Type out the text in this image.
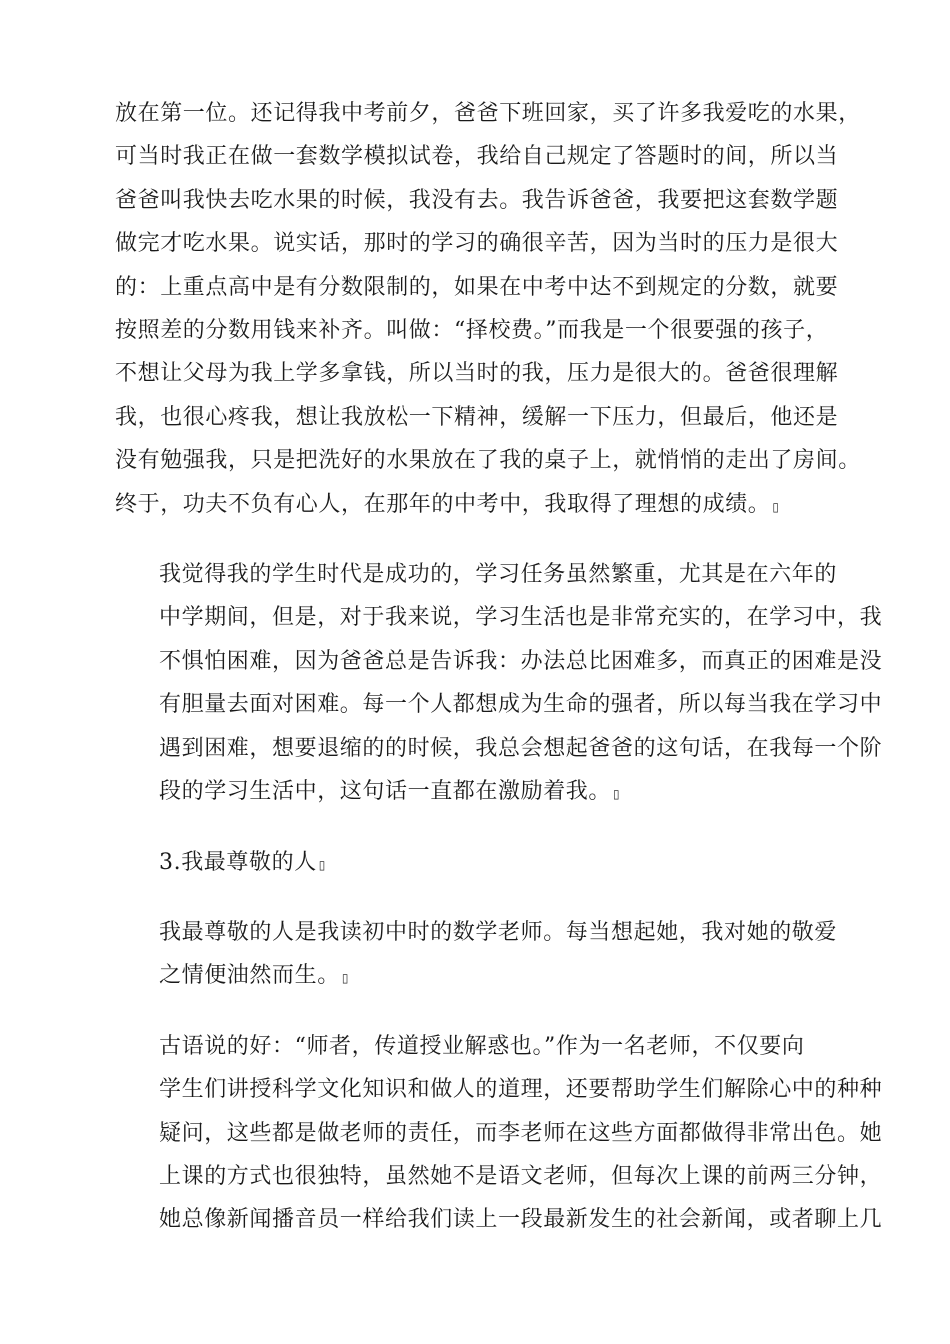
放在第一位。还记得我中考前夕，爸爸下班回家，买了许多我爱吃的水果，
可当时我正在做一套数学模拟试卷，我给自己规定了答题时的间，所以当
爸爸叫我快去吃水果的时候，我没有去。我告诉爸爸，我要把这套数学题
做完才吃水果。说实话，那时的学习的确很辛苦，因为当时的压力是很大
的：上重点高中是有分数限制的，如果在中考中达不到规定的分数，就要
按照差的分数用钱来补齐。叫做：“择校费。”而我是一个很要强的孩子，
不想让父母为我上学多拿钱，所以当时的我，压力是很大的。爸爸很理解
我，也很心疼我，想让我放松一下精神，缓解一下压力，但最后，他还是
没有勉强我，只是把洗好的水果放在了我的桌子上，就悄悄的走出了房间。
终于，功夫不负有心人，在那年的中考中，我取得了理想的成绩。 ▯
我觉得我的学生时代是成功的，学习任务虽然繁重，尤其是在六年的
中学期间，但是，对于我来说，学习生活也是非常充实的，在学习中，我
不惧怕困难，因为爸爸总是告诉我：办法总比困难多，而真正的困难是没
有胆量去面对困难。每一个人都想成为生命的强者，所以每当我在学习中
遇到困难，想要退缩的的时候，我总会想起爸爸的这句话，在我每一个阶
段的学习生活中，这句话一直都在激励着我。 ▯
3.我最尊敬的人 ▯
我最尊敬的人是我读初中时的数学老师。每当想起她，我对她的敬爱
之情便油然而生。 ▯
古语说的好：“师者，传道授业解惑也。”作为一名老师，不仅要向
学生们讲授科学文化知识和做人的道理，还要帮助学生们解除心中的种种
疑问，这些都是做老师的责任，而李老师在这些方面都做得非常出色。她
上课的方式也很独特，虽然她不是语文老师，但每次上课的前两三分钟，
她总像新闻播音员一样给我们读上一段最新发生的社会新闻，或者聊上几
